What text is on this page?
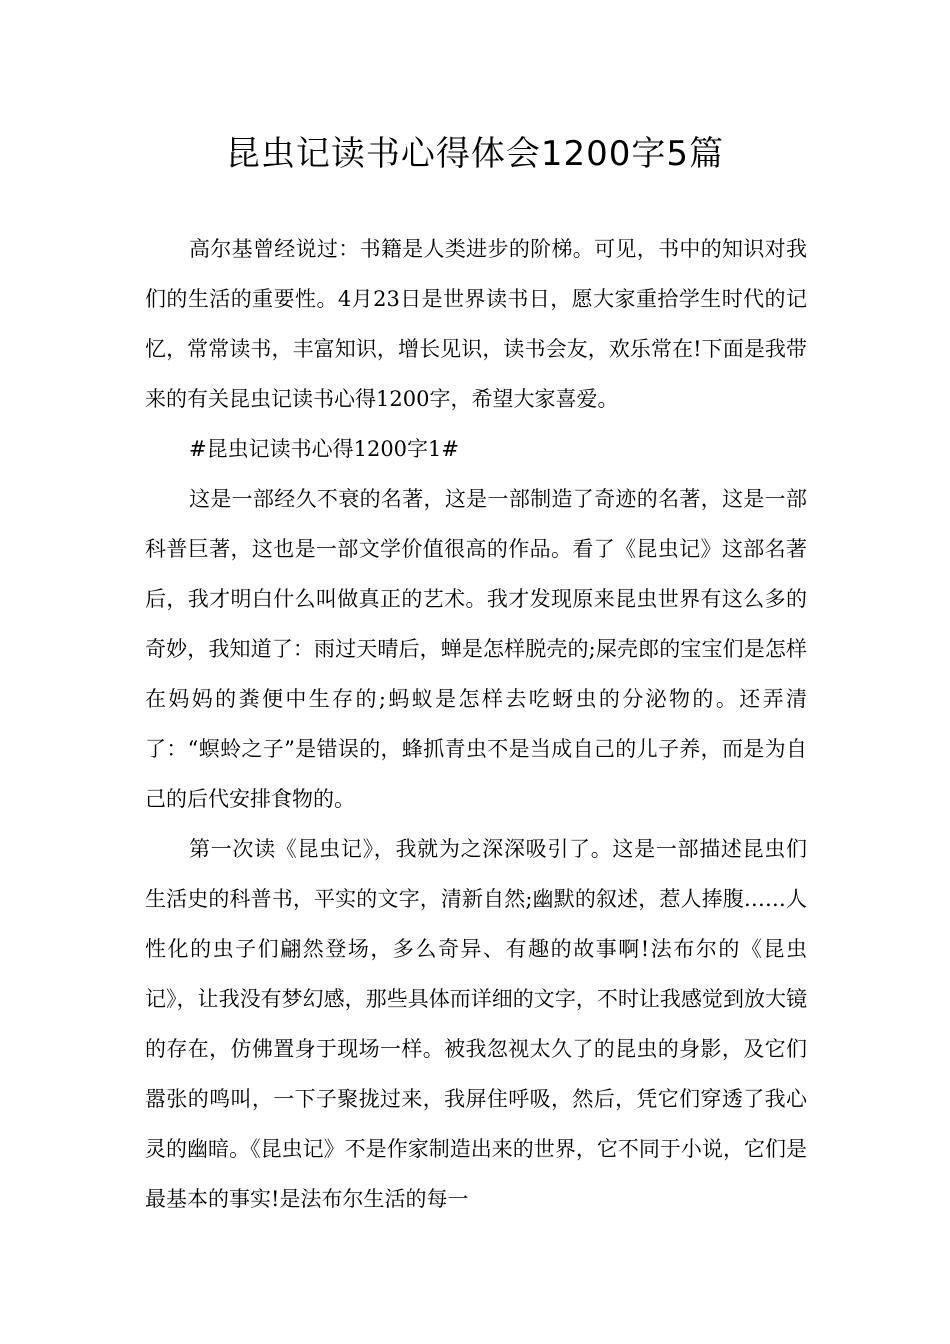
昆虫记读书心得体会1200字5篇

高尔基曾经说过：书籍是人类进步的阶梯。可见，书中的知识对我们的生活的重要性。4月23日是世界读书日，愿大家重拾学生时代的记忆，常常读书，丰富知识，增长见识，读书会友，欢乐常在!下面是我带来的有关昆虫记读书心得1200字，希望大家喜爱。

#昆虫记读书心得1200字1#

这是一部经久不衰的名著，这是一部制造了奇迹的名著，这是一部科普巨著，这也是一部文学价值很高的作品。看了《昆虫记》这部名著后，我才明白什么叫做真正的艺术。我才发现原来昆虫世界有这么多的奇妙，我知道了：雨过天晴后，蝉是怎样脱壳的;屎壳郎的宝宝们是怎样在妈妈的粪便中生存的;蚂蚁是怎样去吃蚜虫的分泌物的。还弄清了：“螟蛉之子”是错误的，蜂抓青虫不是当成自己的儿子养，而是为自己的后代安排食物的。

第一次读《昆虫记》，我就为之深深吸引了。这是一部描述昆虫们生活史的科普书，平实的文字，清新自然;幽默的叙述，惹人捧腹……人性化的虫子们翩然登场，多么奇异、有趣的故事啊!法布尔的《昆虫记》，让我没有梦幻感，那些具体而详细的文字，不时让我感觉到放大镜的存在，仿佛置身于现场一样。被我忽视太久了的昆虫的身影，及它们嚣张的鸣叫，一下子聚拢过来，我屏住呼吸，然后，凭它们穿透了我心灵的幽暗。《昆虫记》不是作家制造出来的世界，它不同于小说，它们是最基本的事实!是法布尔生活的每一
